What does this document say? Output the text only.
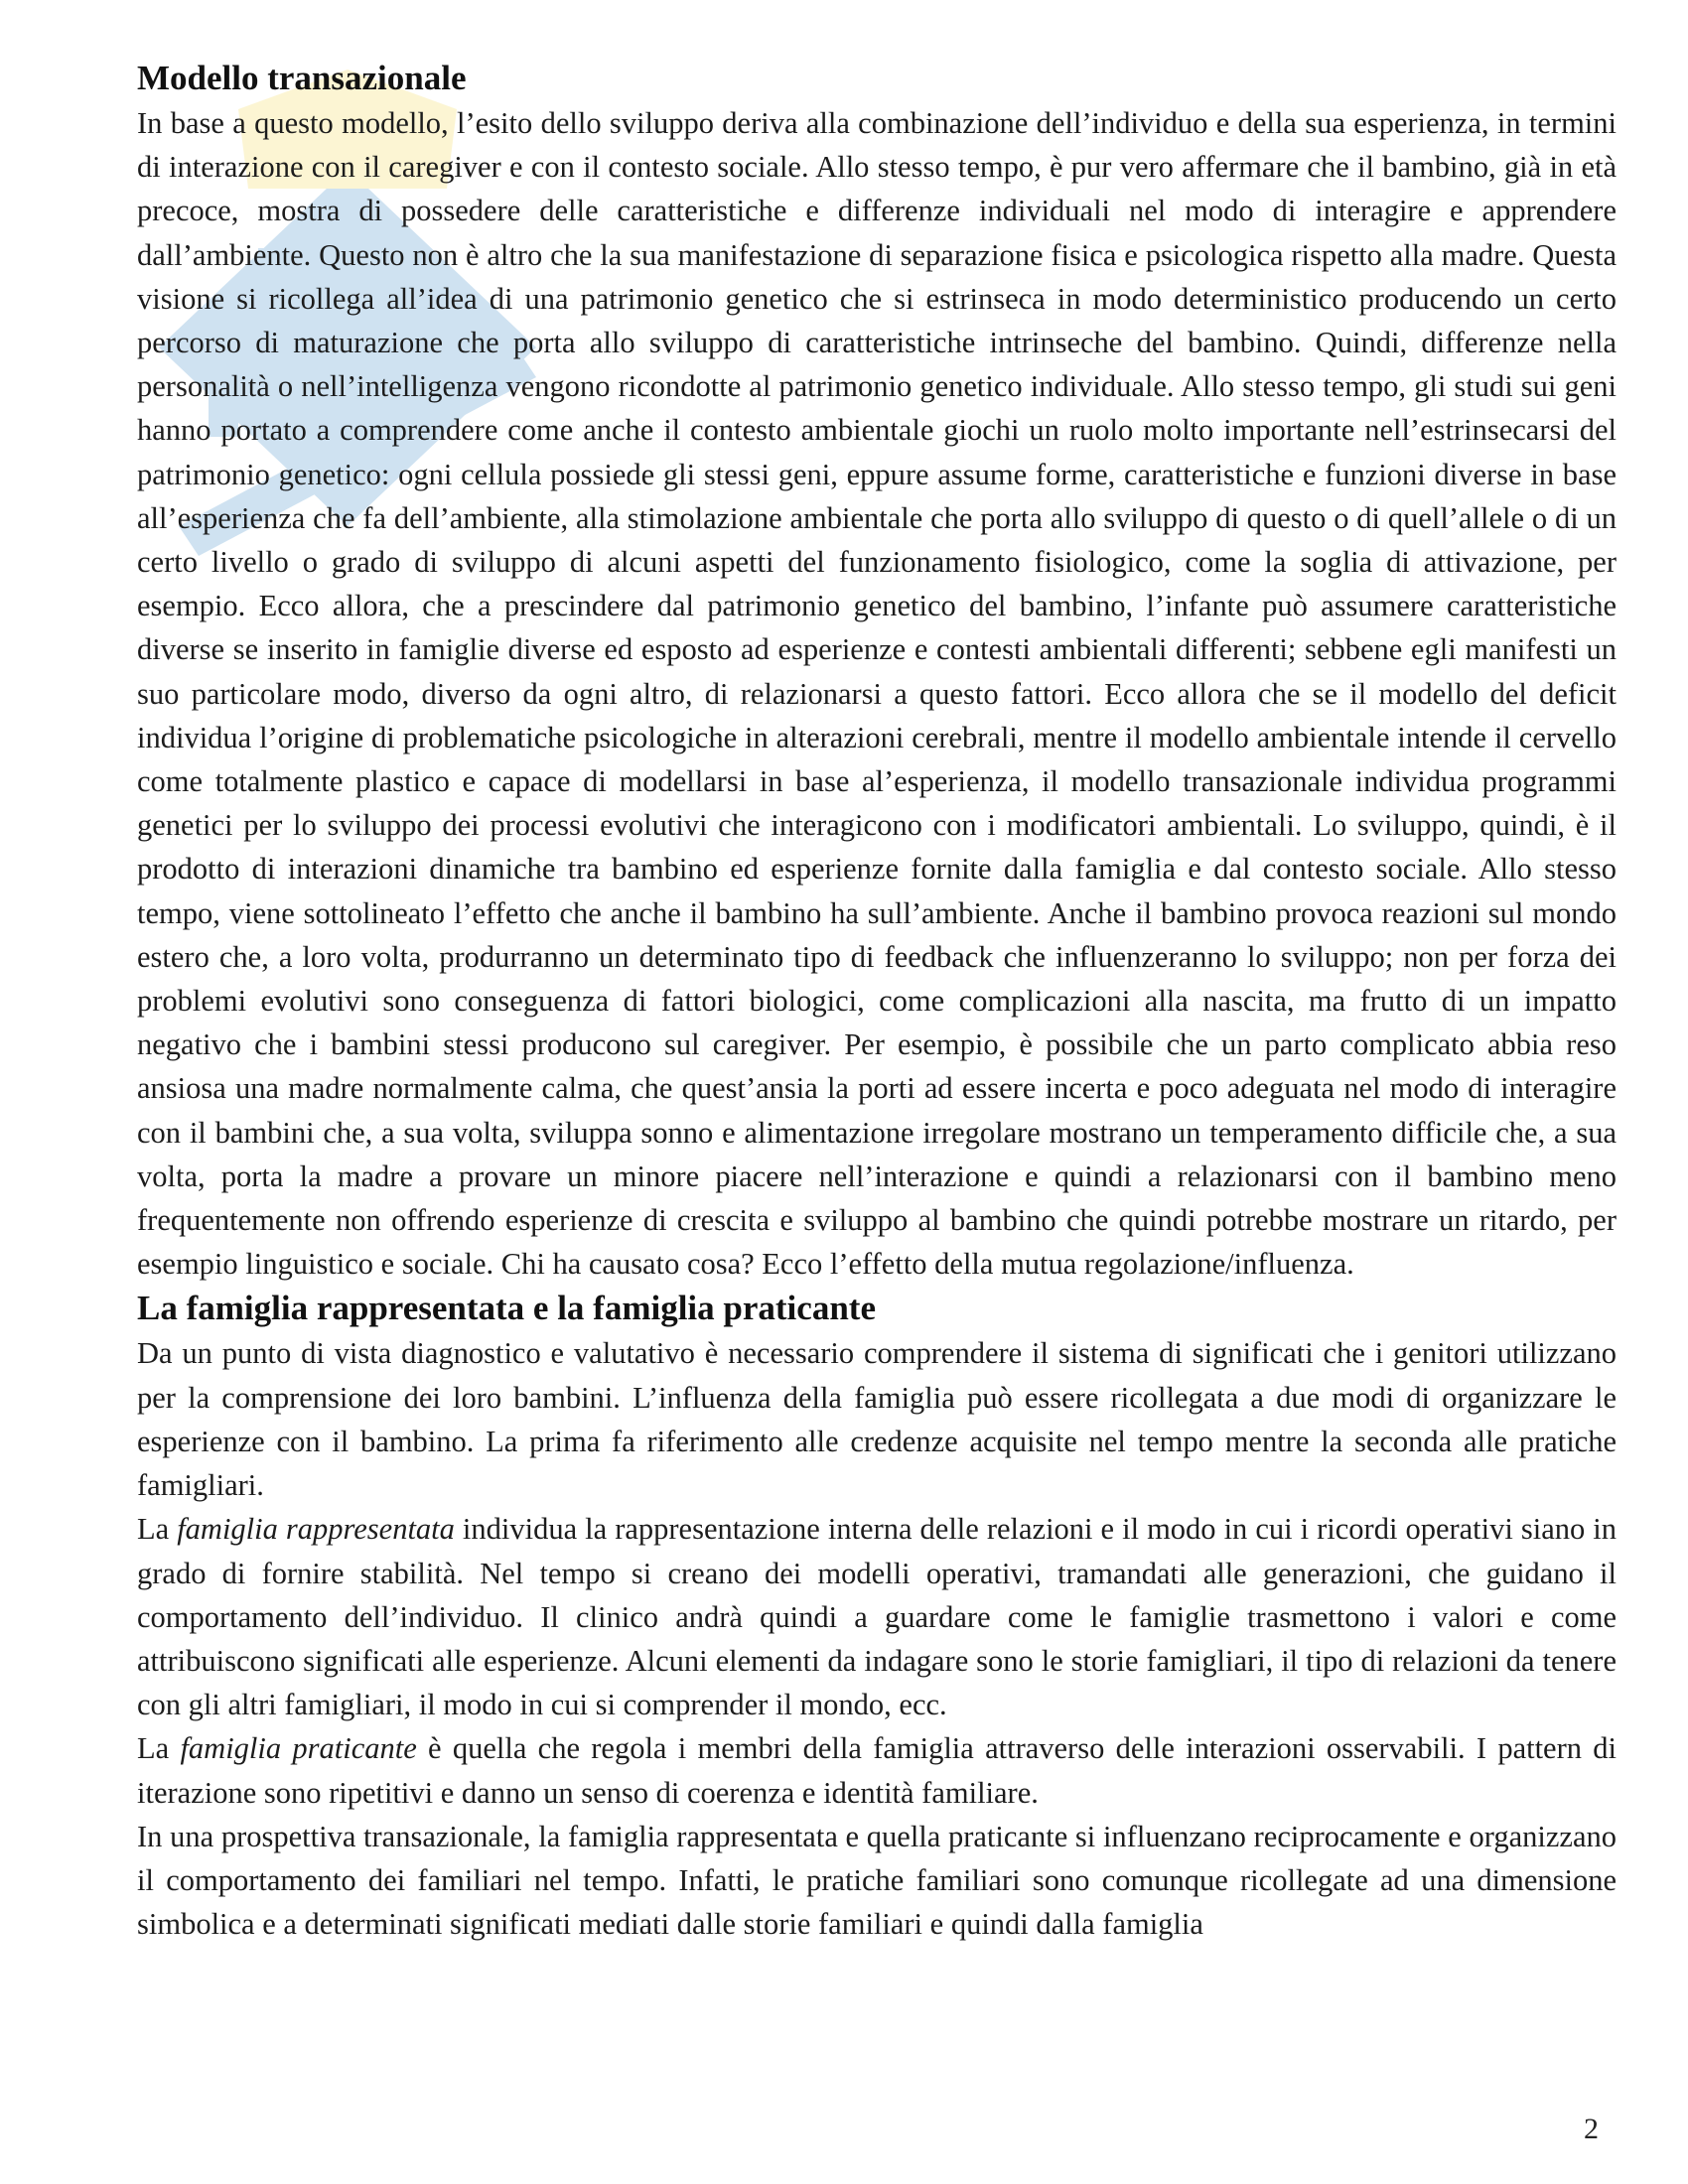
Modello transazionale

In base a questo modello, l’esito dello sviluppo deriva alla combinazione dell’individuo e della sua esperienza, in termini di interazione con il caregiver e con il contesto sociale. Allo stesso tempo, è pur vero affermare che il bambino, già in età precoce, mostra di possedere delle caratteristiche e differenze individuali nel modo di interagire e apprendere dall’ambiente. Questo non è altro che la sua manifestazione di separazione fisica e psicologica rispetto alla madre. Questa visione si ricollega all’idea di una patrimonio genetico che si estrinseca in modo deterministico producendo un certo percorso di maturazione che porta allo sviluppo di caratteristiche intrinseche del bambino. Quindi, differenze nella personalità o nell’intelligenza vengono ricondotte al patrimonio genetico individuale. Allo stesso tempo, gli studi sui geni hanno portato a comprendere come anche il contesto ambientale giochi un ruolo molto importante nell’estrinsecarsi del patrimonio genetico: ogni cellula possiede gli stessi geni, eppure assume forme, caratteristiche e funzioni diverse in base all’esperienza che fa dell’ambiente, alla stimolazione ambientale che porta allo sviluppo di questo o di quell’allele o di un certo livello o grado di sviluppo di alcuni aspetti del funzionamento fisiologico, come la soglia di attivazione, per esempio. Ecco allora, che a prescindere dal patrimonio genetico del bambino, l’infante può assumere caratteristiche diverse se inserito in famiglie diverse ed esposto ad esperienze e contesti ambientali differenti; sebbene egli manifesti un suo particolare modo, diverso da ogni altro, di relazionarsi a questo fattori. Ecco allora che se il modello del deficit individua l’origine di problematiche psicologiche in alterazioni cerebrali, mentre il modello ambientale intende il cervello come totalmente plastico e capace di modellarsi in base al’esperienza, il modello transazionale individua programmi genetici per lo sviluppo dei processi evolutivi che interagicono con i modificatori ambientali. Lo sviluppo, quindi, è il prodotto di interazioni dinamiche tra bambino ed esperienze fornite dalla famiglia e dal contesto sociale. Allo stesso tempo, viene sottolineato l’effetto che anche il bambino ha sull’ambiente. Anche il bambino provoca reazioni sul mondo estero che, a loro volta, produrranno un determinato tipo di feedback che influenzeranno lo sviluppo; non per forza dei problemi evolutivi sono conseguenza di fattori biologici, come complicazioni alla nascita, ma frutto di un impatto negativo che i bambini stessi producono sul caregiver. Per esempio, è possibile che un parto complicato abbia reso ansiosa una madre normalmente calma, che quest’ansia la porti ad essere incerta e poco adeguata nel modo di interagire con il bambini che, a sua volta, sviluppa sonno e alimentazione irregolare mostrano un temperamento difficile che, a sua volta, porta la madre a provare un minore piacere nell’interazione e quindi a relazionarsi con il bambino meno frequentemente non offrendo esperienze di crescita e sviluppo al bambino che quindi potrebbe mostrare un ritardo, per esempio linguistico e sociale. Chi ha causato cosa? Ecco l’effetto della mutua regolazione/influenza.

La famiglia rappresentata e la famiglia praticante

Da un punto di vista diagnostico e valutativo è necessario comprendere il sistema di significati che i genitori utilizzano per la comprensione dei loro bambini. L’influenza della famiglia può essere ricollegata a due modi di organizzare le esperienze con il bambino. La prima fa riferimento alle credenze acquisite nel tempo mentre la seconda alle pratiche famigliari.

La famiglia rappresentata individua la rappresentazione interna delle relazioni e il modo in cui i ricordi operativi siano in grado di fornire stabilità. Nel tempo si creano dei modelli operativi, tramandati alle generazioni, che guidano il comportamento dell’individuo. Il clinico andrà quindi a guardare come le famiglie trasmettono i valori e come attribuiscono significati alle esperienze. Alcuni elementi da indagare sono le storie famigliari, il tipo di relazioni da tenere con gli altri famigliari, il modo in cui si comprender il mondo, ecc.

La famiglia praticante è quella che regola i membri della famiglia attraverso delle interazioni osservabili. I pattern di iterazione sono ripetitivi e danno un senso di coerenza e identità familiare.

In una prospettiva transazionale, la famiglia rappresentata e quella praticante si influenzano reciprocamente e organizzano il comportamento dei familiari nel tempo. Infatti, le pratiche familiari sono comunque ricollegate ad una dimensione simbolica e a determinati significati mediati dalle storie familiari e quindi dalla famiglia

2
